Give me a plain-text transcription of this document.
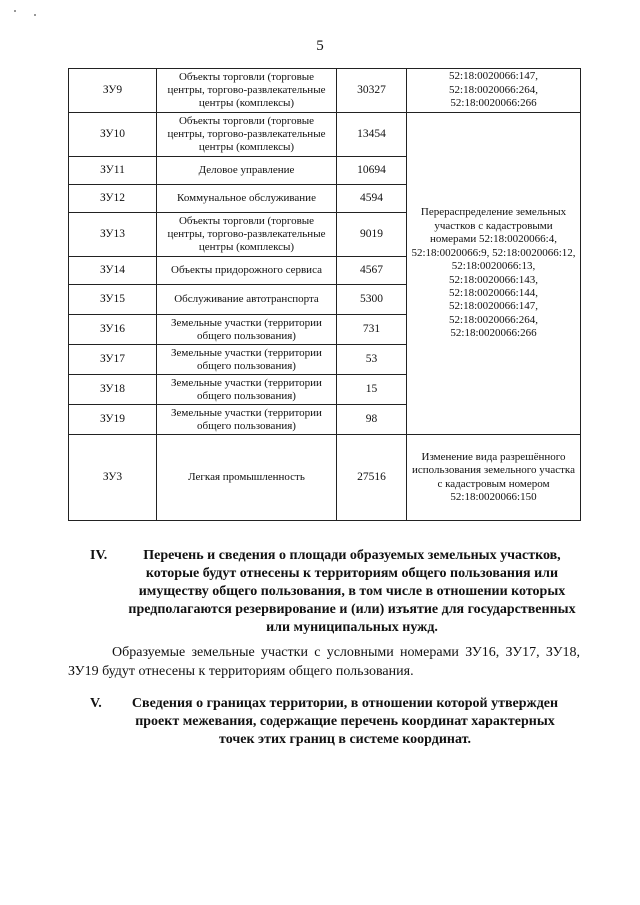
5
ЗУ9	Объекты торговли (торговые центры, торгово-развлекательные центры (комплексы)	30327	52:18:0020066:147, 52:18:0020066:264, 52:18:0020066:266
ЗУ10	Объекты торговли (торговые центры, торгово-развлекательные центры (комплексы)	13454	Перераспределение земельных участков с кадастровыми номерами 52:18:0020066:4, 52:18:0020066:9, 52:18:0020066:12, 52:18:0020066:13, 52:18:0020066:143, 52:18:0020066:144, 52:18:0020066:147, 52:18:0020066:264, 52:18:0020066:266
ЗУ11	Деловое управление	10694	
ЗУ12	Коммунальное обслуживание	4594	
ЗУ13	Объекты торговли (торговые центры, торгово-развлекательные центры (комплексы)	9019	
ЗУ14	Объекты придорожного сервиса	4567	
ЗУ15	Обслуживание автотранспорта	5300	
ЗУ16	Земельные участки (территории общего пользования)	731	
ЗУ17	Земельные участки (территории общего пользования)	53	
ЗУ18	Земельные участки (территории общего пользования)	15	
ЗУ19	Земельные участки (территории общего пользования)	98	
ЗУ3	Легкая промышленность	27516	Изменение вида разрешённого использования земельного участка с кадастровым номером 52:18:0020066:150
IV.	Перечень и сведения о площади образуемых земельных участков, которые будут отнесены к территориям общего пользования или имуществу общего пользования, в том числе в отношении которых предполагаются резервирование и (или) изъятие для государственных или муниципальных нужд.
Образуемые земельные участки с условными номерами ЗУ16, ЗУ17, ЗУ18, ЗУ19 будут отнесены к территориям общего пользования.
V.	Сведения о границах территории, в отношении которой утвержден проект межевания, содержащие перечень координат характерных точек этих границ в системе координат.
